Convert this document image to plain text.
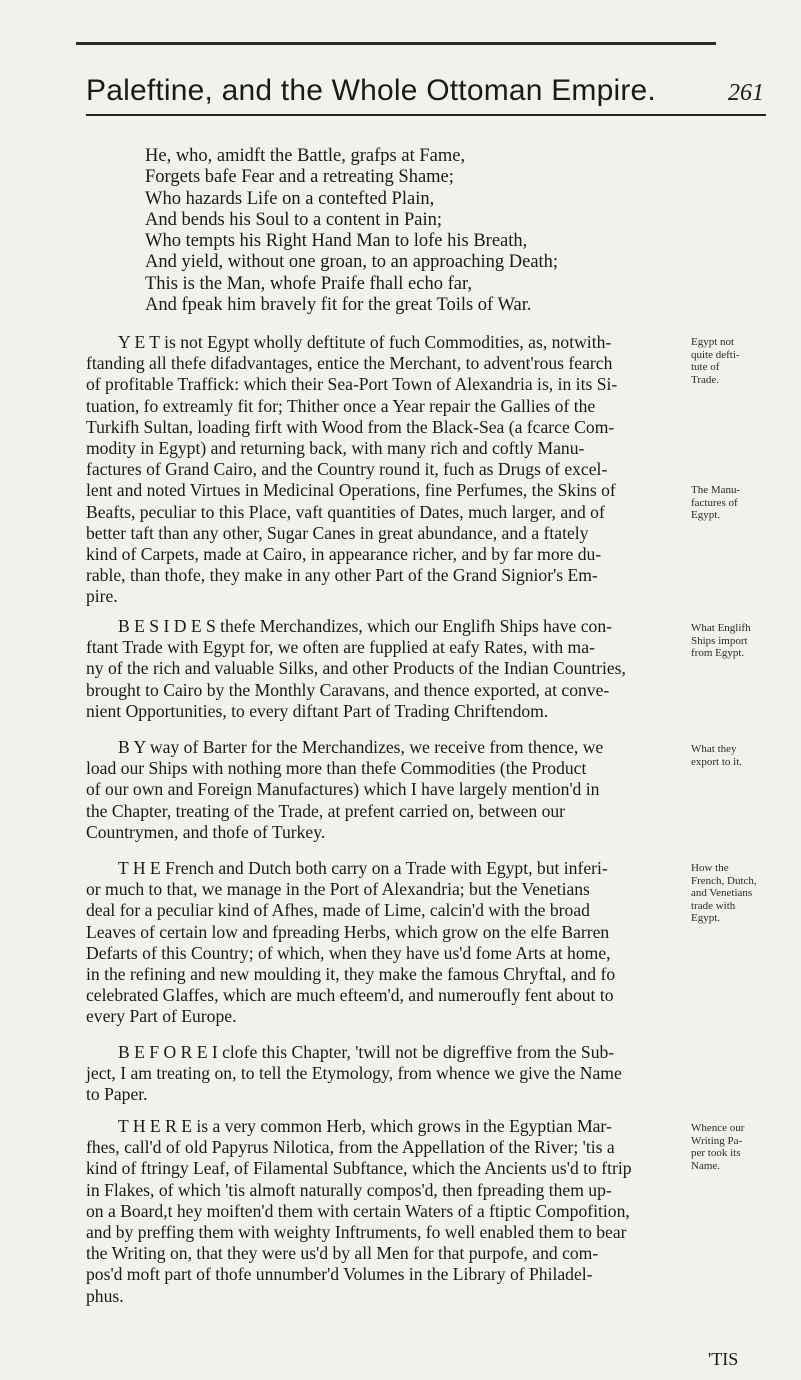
Paleftine, and the Whole Ottoman Empire.	261
He, who, amidft the Battle, grafps at Fame,
Forgets bafe Fear and a retreating Shame;
Who hazards Life on a contefted Plain,
And bends his Soul to a content in Pain;
Who tempts his Right Hand Man to lofe his Breath,
And yield, without one groan, to an approaching Death;
This is the Man, whofe Praife fhall echo far,
And fpeak him bravely fit for the great Toils of War.
Y E T is not Egypt wholly deftitute of fuch Commodities, as, notwith-
ftanding all thefe difadvantages, entice the Merchant, to advent'rous fearch
of profitable Traffick: which their Sea-Port Town of Alexandria is, in its Si-
tuation, fo extreamly fit for; Thither once a Year repair the Gallies of the
Turkifh Sultan, loading firft with Wood from the Black-Sea (a fcarce Com-
modity in Egypt) and returning back, with many rich and coftly Manu-
factures of Grand Cairo, and the Country round it, fuch as Drugs of excel-
lent and noted Virtues in Medicinal Operations, fine Perfumes, the Skins of
Beafts, peculiar to this Place, vaft quantities of Dates, much larger, and of
better taft than any other, Sugar Canes in great abundance, and a ftately
kind of Carpets, made at Cairo, in appearance richer, and by far more du-
rable, than thofe, they make in any other Part of the Grand Signior's Em-
pire.
B E S I D E S thefe Merchandizes, which our Englifh Ships have con-
ftant Trade with Egypt for, we often are fupplied at eafy Rates, with ma-
ny of the rich and valuable Silks, and other Products of the Indian Countries,
brought to Cairo by the Monthly Caravans, and thence exported, at conve-
nient Opportunities, to every diftant Part of Trading Chriftendom.
B Y way of Barter for the Merchandizes, we receive from thence, we
load our Ships with nothing more than thefe Commodities (the Product
of our own and Foreign Manufactures) which I have largely mention'd in
the Chapter, treating of the Trade, at prefent carried on, between our
Countrymen, and thofe of Turkey.
T H E French and Dutch both carry on a Trade with Egypt, but inferi-
or much to that, we manage in the Port of Alexandria; but the Venetians
deal for a peculiar kind of Afhes, made of Lime, calcin'd with the broad
Leaves of certain low and fpreading Herbs, which grow on the elfe Barren
Defarts of this Country; of which, when they have us'd fome Arts at home,
in the refining and new moulding it, they make the famous Chryftal, and fo
celebrated Glaffes, which are much efteem'd, and numeroufly fent about to
every Part of Europe.
B E F O R E I clofe this Chapter, 'twill not be digreffive from the Sub-
ject, I am treating on, to tell the Etymology, from whence we give the Name
to Paper.
T H E R E is a very common Herb, which grows in the Egyptian Mar-
fhes, call'd of old Papyrus Nilotica, from the Appellation of the River; 'tis a
kind of ftringy Leaf, of Filamental Subftance, which the Ancients us'd to ftrip
in Flakes, of which 'tis almoft naturally compos'd, then fpreading them up-
on a Board,t hey moiften'd them with certain Waters of a ftiptic Compofition,
and by preffing them with weighty Inftruments, fo well enabled them to bear
the Writing on, that they were us'd by all Men for that purpofe, and com-
pos'd moft part of thofe unnumber'd Volumes in the Library of Philadel-
phus.
Egypt not
quite defti-
tute of
Trade.
The Manu-
factures of
Egypt.
What Englifh
Ships import
from Egypt.
What they
export to it.
How the
French, Dutch,
and Venetians
trade with
Egypt.
Whence our
Writing Pa-
per took its
Name.
'TIS
